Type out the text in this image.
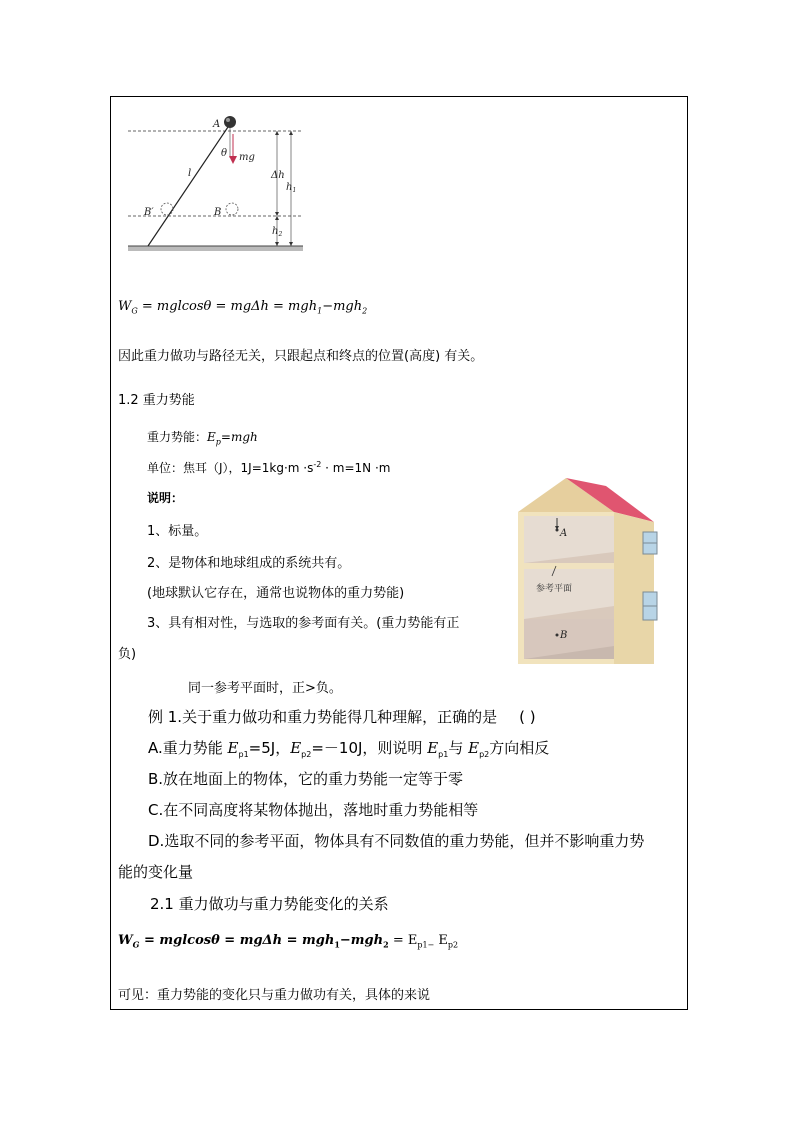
A
θ mg
l	Δh
$h_1$
B′	B
$h_2$
$W_G = mglcos\theta = mg\Delta h = mgh_1-mgh_2$
因此重力做功与路径无关，只跟起点和终点的位置(高度) 有关。
1.2 重力势能
重力势能：$E_p=mgh$
单位：焦耳（J），$1J=1kg\cdot m \cdot s^{-2} \cdot m=1N \cdot m$
说明：
1、标量。
2、是物体和地球组成的系统共有。
(地球默认它存在，通常也说物体的重力势能)
3、具有相对性，与选取的参考面有关。(重力势能有正
负)
同一参考平面时，正>负。
A
参考平面
B
例 1.关于重力做功和重力势能得几种理解，正确的是 ( )
A.重力势能 $E_{p1}=5J$，$E_{p2}=-10J$，则说明 $E_{p1}$与 $E_{p2}$方向相反
B.放在地面上的物体，它的重力势能一定等于零
C.在不同高度将某物体抛出，落地时重力势能相等
D.选取不同的参考平面，物体具有不同数值的重力势能，但并不影响重力势
能的变化量
2.1 重力做功与重力势能变化的关系
$W_G = mglcos\theta = mg\Delta h = mgh_1-mgh_2 = E_{p1-}$ $E_{p2}$
可见：重力势能的变化只与重力做功有关，具体的来说
